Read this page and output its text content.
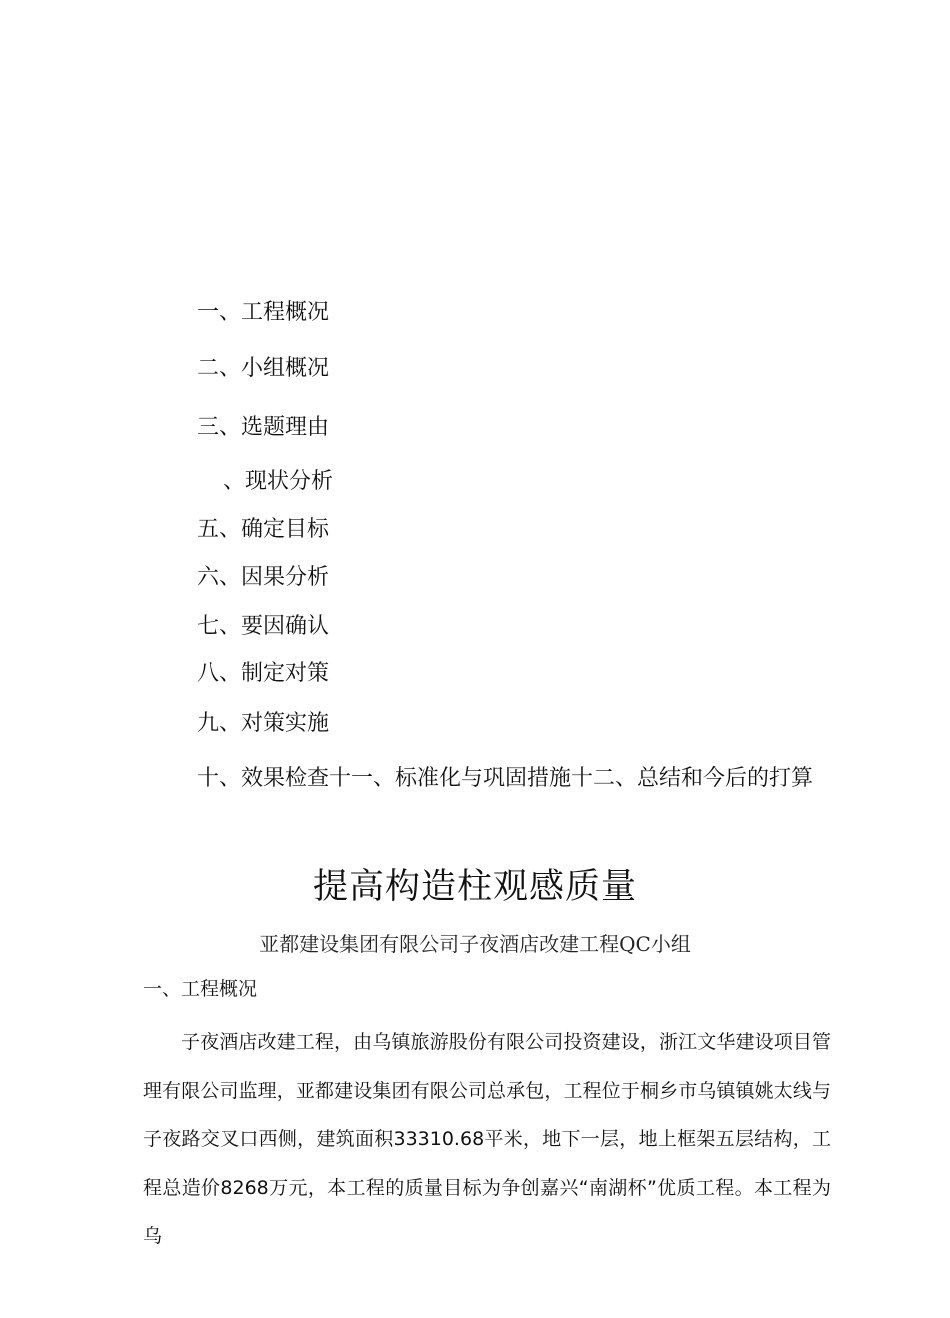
一、工程概况
二、小组概况
三、选题理由
、现状分析
五、确定目标
六、因果分析
七、要因确认
八、制定对策
九、对策实施
十、效果检查十一、标准化与巩固措施十二、总结和今后的打算
提高构造柱观感质量
亚都建设集团有限公司子夜酒店改建工程QC小组
一、工程概况
子夜酒店改建工程，由乌镇旅游股份有限公司投资建设，浙江文华建设项目管理有限公司监理，亚都建设集团有限公司总承包，工程位于桐乡市乌镇镇姚太线与子夜路交叉口西侧，建筑面积33310.68平米，地下一层，地上框架五层结构，工程总造价8268万元，本工程的质量目标为争创嘉兴“南湖杯”优质工程。本工程为乌
